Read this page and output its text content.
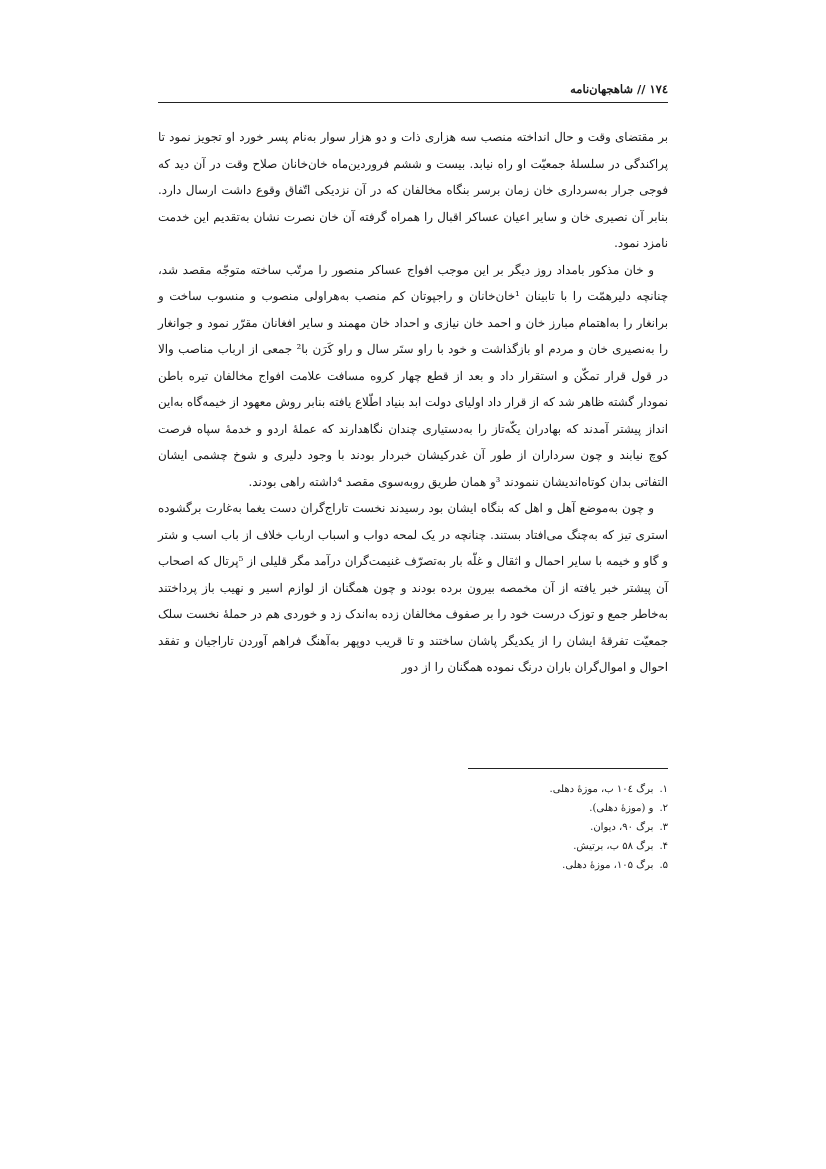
۱۷٤ // شاهجهان‌نامه

بر مقتضای وقت و حال انداخته منصب سه هزاری ذات و دو هزار سوار به‌نام پسر خورد او تجویز نمود تا پراکندگی در سلسلهٔ جمعیّت او راه نیابد. بیست و ششم فروردین‌ماه خان‌خانان صلاح وقت در آن دید که فوجی جرار به‌سرداری خان زمان برسر بنگاه مخالفان که در آن نزدیکی اتّفاق وقوع داشت ارسال دارد. بنابر آن نصیری خان و سایر اعیان عساکر اقبال را همراه گرفته آن خان نصرت نشان به‌تقدیم این خدمت نامزد نمود.

و خان مذکور بامداد روز دیگر بر این موجب افواج عساکر منصور را مرتّب ساخته متوجّه مقصد شد، چنانچه دلیرهمّت را با تابینان ¹خان‌خانان و راجپوتان کم منصب به‌هراولی منصوب و منسوب ساخت و برانغار را به‌اهتمام مبارز خان و احمد خان نیازی و احداد خان مهمند و سایر افغانان مقرّر نمود و جوانغار را به‌نصیری خان و مردم او بازگذاشت و خود با راو ستَر سال و راو کَرَن با² جمعی از ارباب مناصب والا در قول قرار تمکّن و استقرار داد و بعد از قطع چهار کروه مسافت علامت افواج مخالفان تیره باطن نمودار گشته ظاهر شد که از قرار داد اولیای دولت ابد بنیاد اطّلاع یافته بنابر روش معهود از خیمه‌گاه به‌این انداز پیشتر آمدند که بهادران یکّه‌تاز را به‌دستیاری چندان نگاهدارند که عملهٔ اردو و خدمهٔ سپاه فرصت کوچ نیابند و چون سرداران از طور آن غدرکیشان خبردار بودند با وجود دلیری و شوخ چشمی ایشان التفاتی بدان کوتاه‌اندیشان ننمودند ³و همان طریق روبه‌سوی مقصد ⁴داشته راهی بودند.

و چون به‌موضع آهل و اهل که بنگاه ایشان بود رسیدند نخست تاراج‌گران دست یغما به‌غارت برگشوده استری تیز که به‌چنگ می‌افتاد بستند. چنانچه در یک لمحه دواب و اسباب ارباب خلاف از باب اسب و شتر و گاو و خیمه با سایر احمال و اثقال و غلّه بار به‌تصرّف غنیمت‌گران درآمد مگر قلیلی از ⁵پرتال که اصحاب آن پیشتر خبر یافته از آن مخمصه بیرون برده بودند و چون همگنان از لوازم اسیر و نهیب باز پرداختند به‌خاطر جمع و توزک درست خود را بر صفوف مخالفان زده به‌اندک زد و خوردی هم در حملهٔ نخست سلک جمعیّت تفرقهٔ ایشان را از یکدیگر پاشان ساختند و تا قریب دوپهر به‌آهنگ فراهم آوردن تاراجیان و تفقد احوال و اموال‌گران باران درنگ نموده همگنان را از دور

۱.برگ ۱۰٤ ب، موزهٔ دهلی.
۲.و (موزهٔ دهلی).
۳.برگ ۹۰، دیوان.
۴.برگ ۵۸ ب، برتیش.
۵.برگ ۱۰۵، موزهٔ دهلی.
